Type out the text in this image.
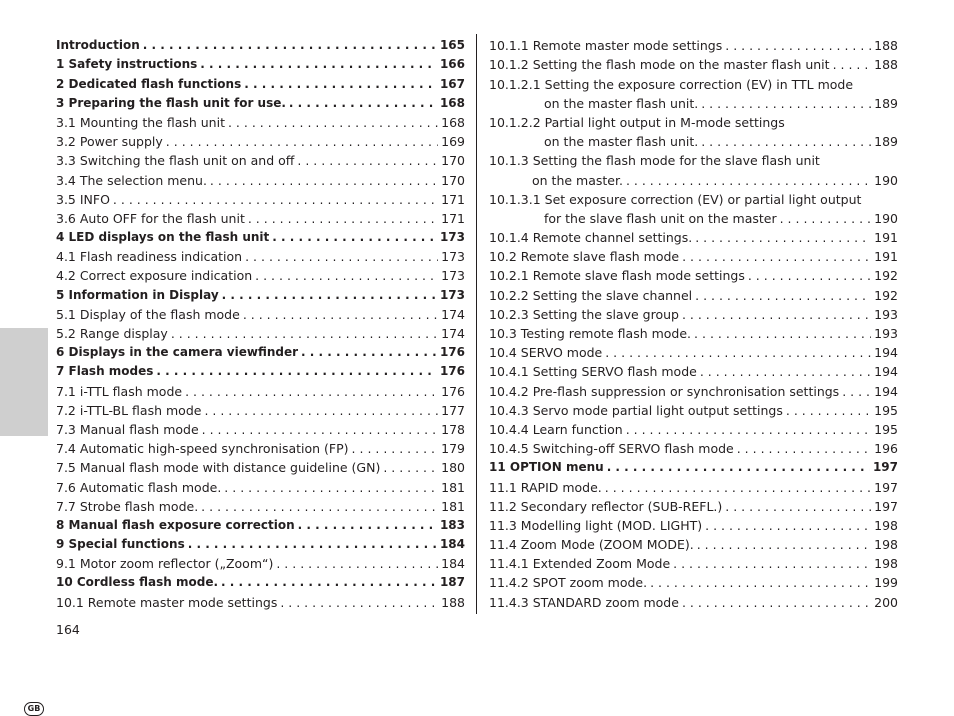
GB
Introduction . . .	165
1 Safety instructions . . .	166
2 Dedicated flash functions . . .	167
3 Preparing the flash unit for use. . . .	168
3.1 Mounting the flash unit . . .	168
3.2 Power supply . . .	169
3.3 Switching the flash unit on and off . . .	170
3.4 The selection menu. . . .	170
3.5 INFO . . .	171
3.6 Auto OFF for the flash unit . . .	171
4 LED displays on the flash unit . . .	173
4.1 Flash readiness indication . . .	173
4.2 Correct exposure indication . . .	173
5 Information in Display . . .	173
5.1 Display of the flash mode . . .	174
5.2 Range display . . .	174
6 Displays in the camera viewfinder . . .	176
7 Flash modes . . .	176
7.1 i-TTL flash mode . . .	176
7.2 i-TTL-BL flash mode . . .	177
7.3 Manual flash mode . . .	178
7.4 Automatic high-speed synchronisation (FP) . . .	179
7.5 Manual flash mode with distance guideline (GN) . . .	180
7.6 Automatic flash mode. . . .	181
7.7 Strobe flash mode. . . .	181
8 Manual flash exposure correction . . .	183
9 Special functions . . .	184
9.1 Motor zoom reflector („Zoom“) . . .	184
10 Cordless flash mode. . . .	187
10.1 Remote master mode settings . . .	188
10.1.1 Remote master mode settings . . .	188
10.1.2 Setting the flash mode on the master flash unit . . .	188
10.1.2.1 Setting the exposure correction (EV) in TTL mode
on the master flash unit. . . .	189
10.1.2.2 Partial light output in M-mode settings
on the master flash unit. . . .	189
10.1.3 Setting the flash mode for the slave flash unit
on the master. . . .	190
10.1.3.1 Set exposure correction (EV) or partial light output
for the slave flash unit on the master . . .	190
10.1.4 Remote channel settings. . . .	191
10.2 Remote slave flash mode . . .	191
10.2.1 Remote slave flash mode settings . . .	192
10.2.2 Setting the slave channel . . .	192
10.2.3 Setting the slave group . . .	193
10.3 Testing remote flash mode. . . .	193
10.4 SERVO mode . . .	194
10.4.1 Setting SERVO flash mode . . .	194
10.4.2 Pre-flash suppression or synchronisation settings . . .	194
10.4.3 Servo mode partial light output settings . . .	195
10.4.4 Learn function . . .	195
10.4.5 Switching-off SERVO flash mode . . .	196
11 OPTION menu . . .	197
11.1 RAPID mode. . . .	197
11.2 Secondary reflector (SUB-REFL.) . . .	197
11.3 Modelling light (MOD. LIGHT) . . .	198
11.4 Zoom Mode (ZOOM MODE). . . .	198
11.4.1 Extended Zoom Mode . . .	198
11.4.2 SPOT zoom mode. . . .	199
11.4.3 STANDARD zoom mode . . .	200
164
